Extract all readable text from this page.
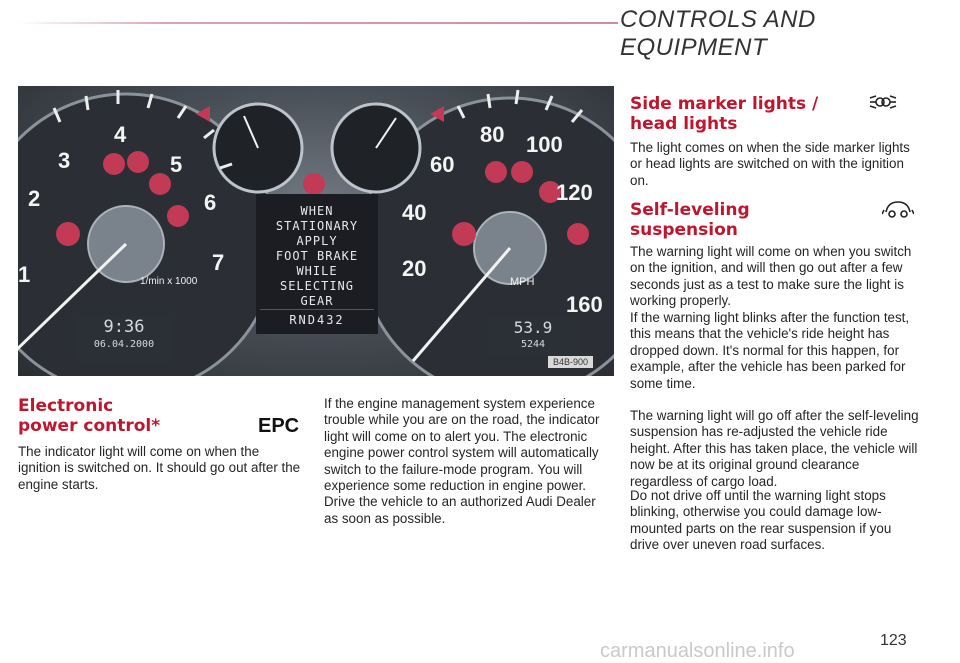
CONTROLS AND EQUIPMENT
2
3
4
5
6
7
1	1/min x 1000
20
40
60
80 100
120
160
MPH
WHEN
STATIONARY
APPLY
FOOT BRAKE
WHILE
SELECTING
GEAR
RND432
9:36
06.04.2000
53.9
5244
B4B-900
Electronic
power control*	EPC

The indicator light will come on when the ignition is switched on. It should go out after the engine starts.

If the engine management system experience trouble while you are on the road, the indicator light will come on to alert you. The electronic engine power control system will automatically switch to the failure-mode program. You will experience some reduction in engine power. Drive the vehicle to an authorized Audi Dealer as soon as possible.

Side marker lights /
head lights

The light comes on when the side marker lights or head lights are switched on with the ignition on.

Self-leveling
suspension

The warning light will come on when you switch on the ignition, and will then go out after a few seconds just as a test to make sure the light is working properly.

If the warning light blinks after the function test, this means that the vehicle's ride height has dropped down. It's normal for this happen, for example, after the vehicle has been parked for some time.

The warning light will go off after the self-leveling suspension has re-adjusted the vehicle ride height. After this has taken place, the vehicle will now be at its original ground clearance regardless of cargo load.

Do not drive off until the warning light stops blinking, otherwise you could damage low-mounted parts on the rear suspension if you drive over uneven road surfaces.

carmanualsonline.info	123
